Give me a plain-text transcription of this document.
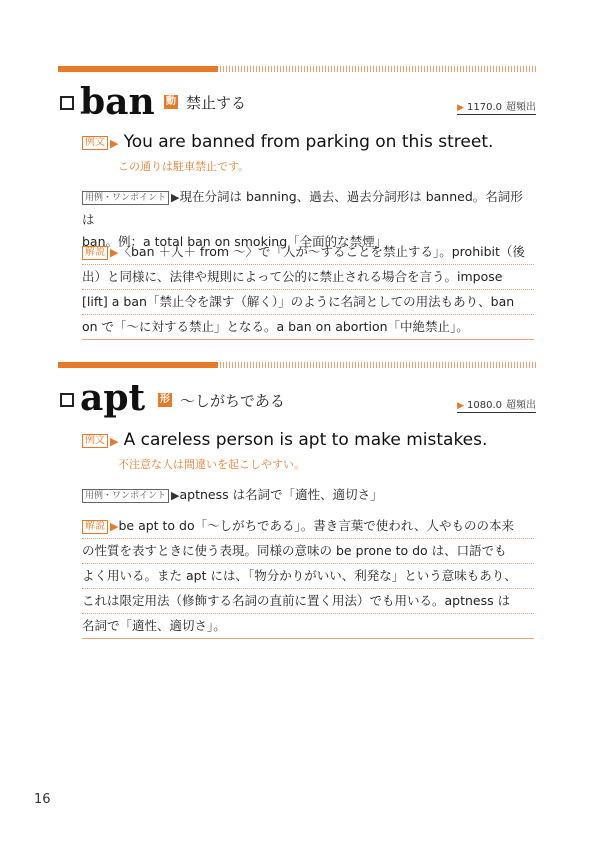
ban 動 禁止する	▶ 1170.0 超頻出
例文 ▶ You are banned from parking on this street.
この通りは駐車禁止です。
用例・ワンポイント ▶現在分詞は banning、過去、過去分詞形は banned。名詞形は
ban。例：a total ban on smoking「全面的な禁煙」
解説 ▶〈ban ＋人＋ from 〜〉で「人が〜することを禁止する」。prohibit（後
出）と同様に、法律や規則によって公的に禁止される場合を言う。impose
[lift] a ban「禁止令を課す（解く）」のように名詞としての用法もあり、ban
on で「〜に対する禁止」となる。a ban on abortion「中絶禁止」。
apt 形 〜しがちである	▶ 1080.0 超頻出
例文 ▶ A careless person is apt to make mistakes.
不注意な人は間違いを起こしやすい。
用例・ワンポイント ▶aptness は名詞で「適性、適切さ」
解説 ▶be apt to do「〜しがちである」。書き言葉で使われ、人やものの本来
の性質を表すときに使う表現。同様の意味の be prone to do は、口語でも
よく用いる。また apt には、「物分かりがいい、利発な」という意味もあり、
これは限定用法（修飾する名詞の直前に置く用法）でも用いる。aptness は
名詞で「適性、適切さ」。
16
